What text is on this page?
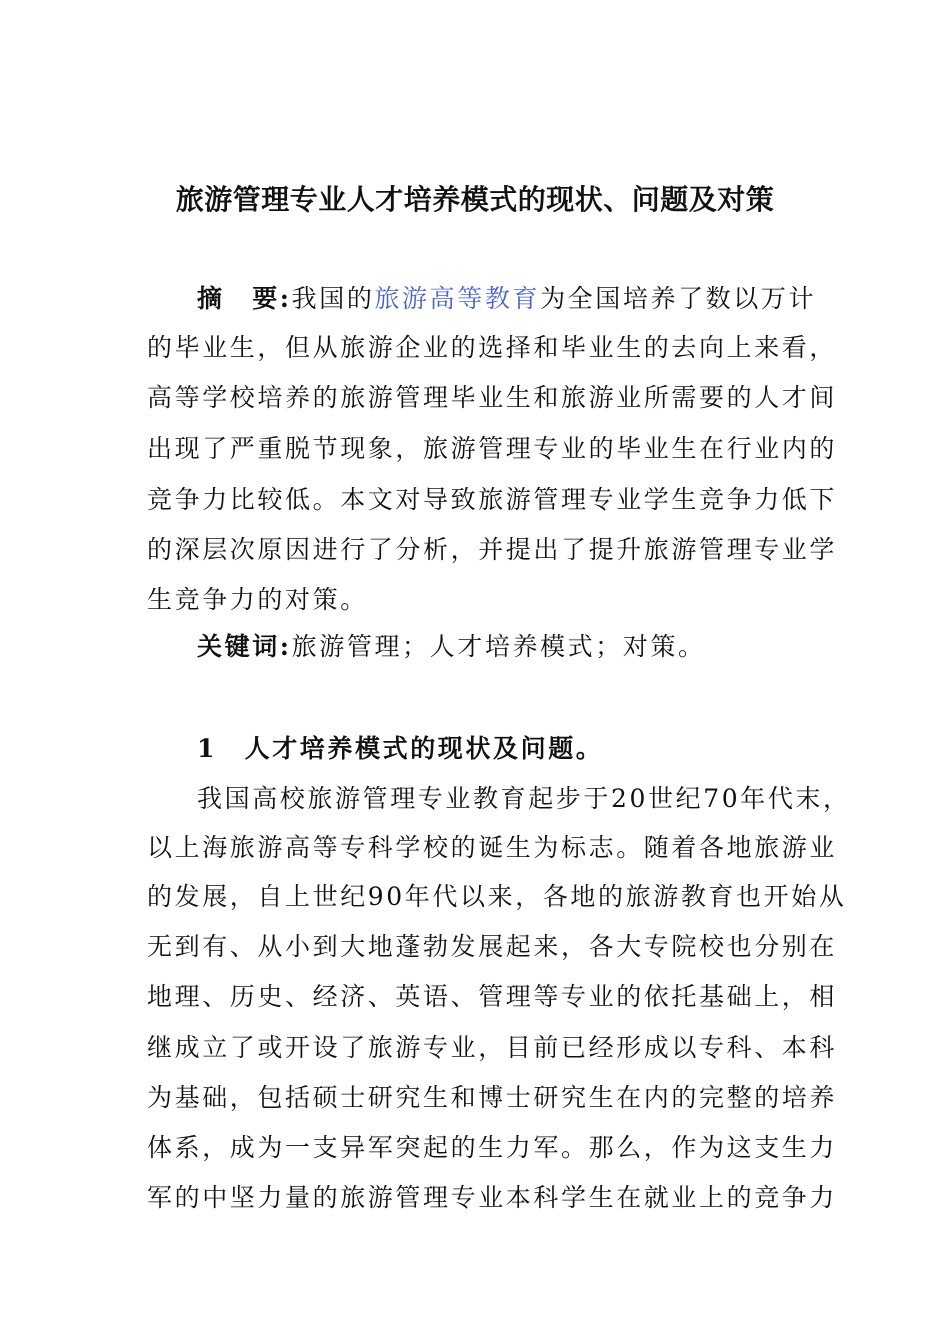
旅游管理专业人才培养模式的现状、问题及对策
摘　要:我国的旅游高等教育为全国培养了数以万计
的毕业生，但从旅游企业的选择和毕业生的去向上来看，
高等学校培养的旅游管理毕业生和旅游业所需要的人才间
出现了严重脱节现象，旅游管理专业的毕业生在行业内的
竞争力比较低。本文对导致旅游管理专业学生竞争力低下
的深层次原因进行了分析，并提出了提升旅游管理专业学
生竞争力的对策。
关键词:旅游管理；人才培养模式；对策。
1　人才培养模式的现状及问题。
我国高校旅游管理专业教育起步于20世纪70年代末，
以上海旅游高等专科学校的诞生为标志。随着各地旅游业
的发展，自上世纪90年代以来，各地的旅游教育也开始从
无到有、从小到大地蓬勃发展起来，各大专院校也分别在
地理、历史、经济、英语、管理等专业的依托基础上，相
继成立了或开设了旅游专业，目前已经形成以专科、本科
为基础，包括硕士研究生和博士研究生在内的完整的培养
体系，成为一支异军突起的生力军。那么，作为这支生力
军的中坚力量的旅游管理专业本科学生在就业上的竞争力
